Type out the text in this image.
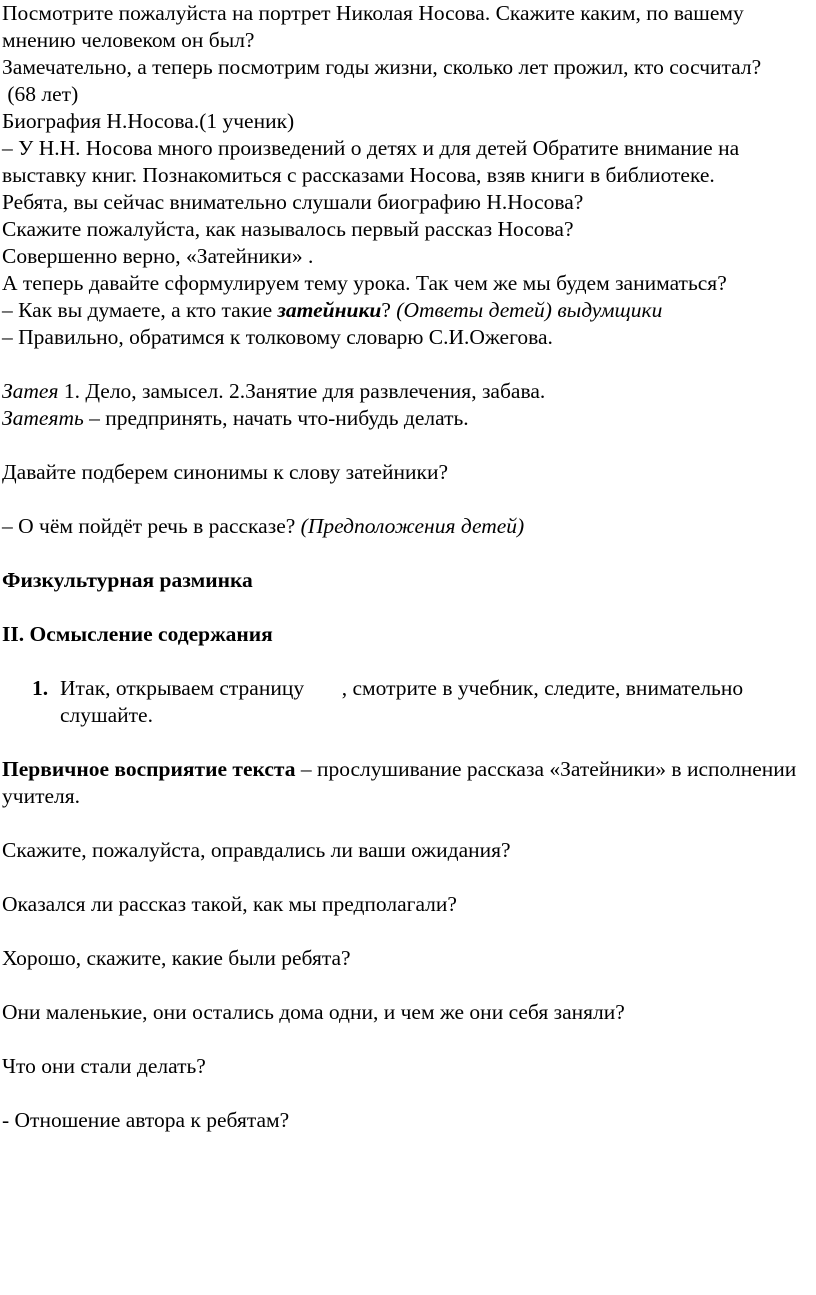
Посмотрите пожалуйста на портрет Николая Носова. Скажите каким, по вашему мнению человеком он был?

Замечательно, а теперь посмотрим годы жизни, сколько лет прожил, кто сосчитал?

(68 лет)

Биография Н.Носова.(1 ученик)

– У Н.Н. Носова много произведений о детях и для детей Обратите внимание на выставку книг. Познакомиться с рассказами Носова, взяв книги в библиотеке.

Ребята, вы сейчас внимательно слушали биографию Н.Носова?

Скажите пожалуйста, как называлось первый рассказ Носова?

Совершенно верно, «Затейники» .

А теперь давайте сформулируем тему урока. Так чем же мы будем заниматься?

– Как вы думаете, а кто такие затейники? (Ответы детей) выдумщики

– Правильно, обратимся к толковому словарю С.И.Ожегова.

Затея 1. Дело, замысел. 2.Занятие для развлечения, забава.

Затеять – предпринять, начать что-нибудь делать.

Давайте подберем синонимы к слову затейники?

– О чём пойдёт речь в рассказе? (Предположения детей)

Физкультурная разминка

II. Осмысление содержания

1. Итак, открываем страницу       , смотрите в учебник, следите, внимательно слушайте.

Первичное восприятие текста – прослушивание рассказа «Затейники» в исполнении учителя.

Скажите, пожалуйста, оправдались ли ваши ожидания?

Оказался ли рассказ такой, как мы предполагали?

Хорошо, скажите, какие были ребята?

Они маленькие, они остались дома одни, и чем же они себя заняли?

Что они стали делать?

- Отношение автора к ребятам?
